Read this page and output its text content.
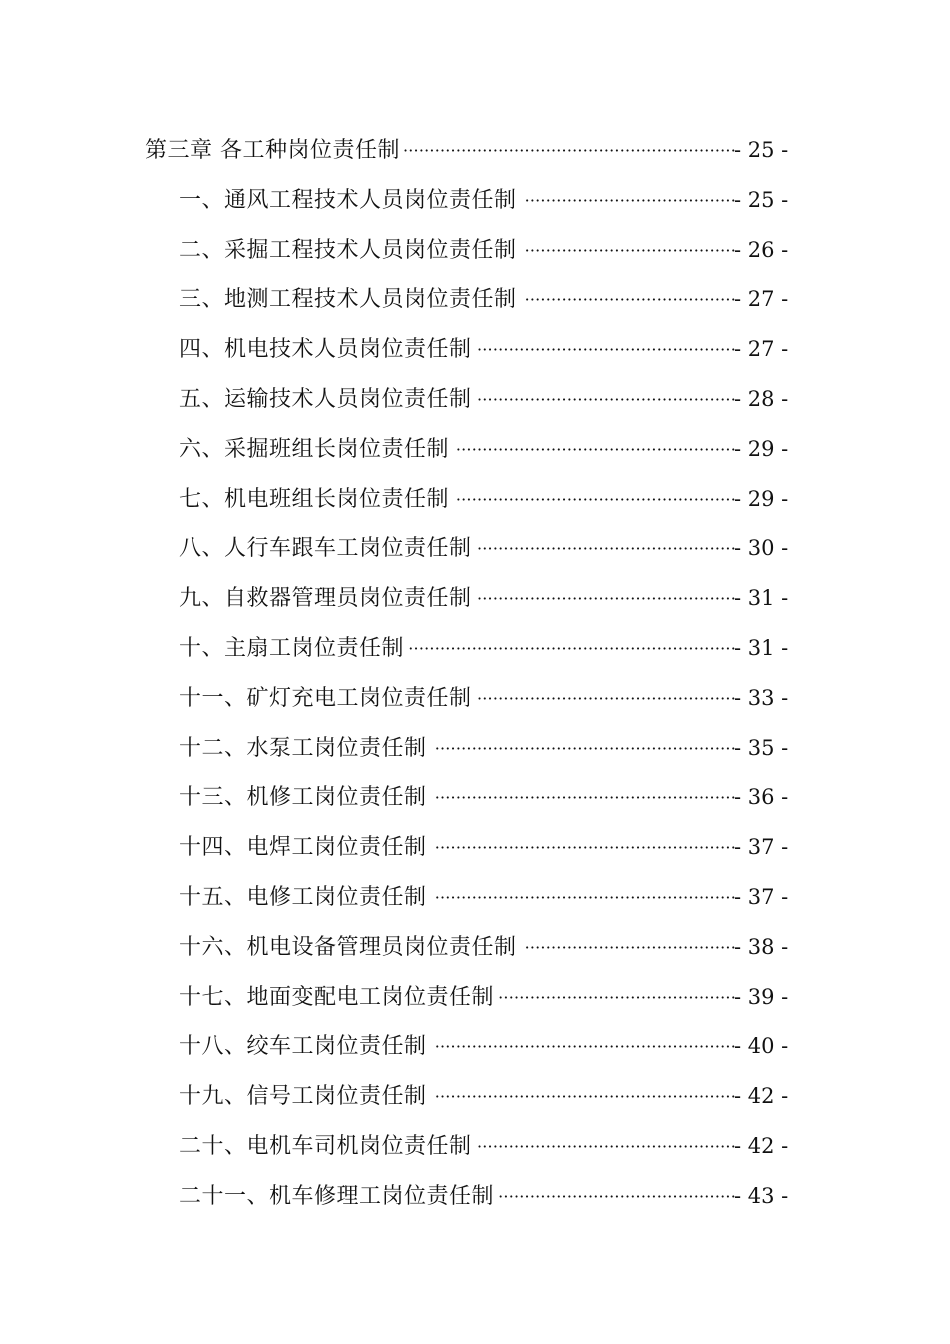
第三章 各工种岗位责任制 ·······························································
- 25 -
一、通风工程技术人员岗位责任制 ········································
- 25 -
二、采掘工程技术人员岗位责任制 ········································
- 26 -
三、地测工程技术人员岗位责任制 ········································
- 27 -
四、机电技术人员岗位责任制 ·················································
- 27 -
五、运输技术人员岗位责任制 ·················································
- 28 -
六、采掘班组长岗位责任制 ·····················································
- 29 -
七、机电班组长岗位责任制 ·····················································
- 29 -
八、人行车跟车工岗位责任制 ·················································
- 30 -
九、自救器管理员岗位责任制 ·················································
- 31 -
十、主扇工岗位责任制 ······························································
- 31 -
十一、矿灯充电工岗位责任制 ·················································
- 33 -
十二、水泵工岗位责任制 ·························································
- 35 -
十三、机修工岗位责任制 ·························································
- 36 -
十四、电焊工岗位责任制 ·························································
- 37 -
十五、电修工岗位责任制 ·························································
- 37 -
十六、机电设备管理员岗位责任制 ········································
- 38 -
十七、地面变配电工岗位责任制 ·············································
- 39 -
十八、绞车工岗位责任制 ·························································
- 40 -
十九、信号工岗位责任制 ·························································
- 42 -
二十、电机车司机岗位责任制 ·················································
- 42 -
二十一、机车修理工岗位责任制 ·············································
- 43 -
